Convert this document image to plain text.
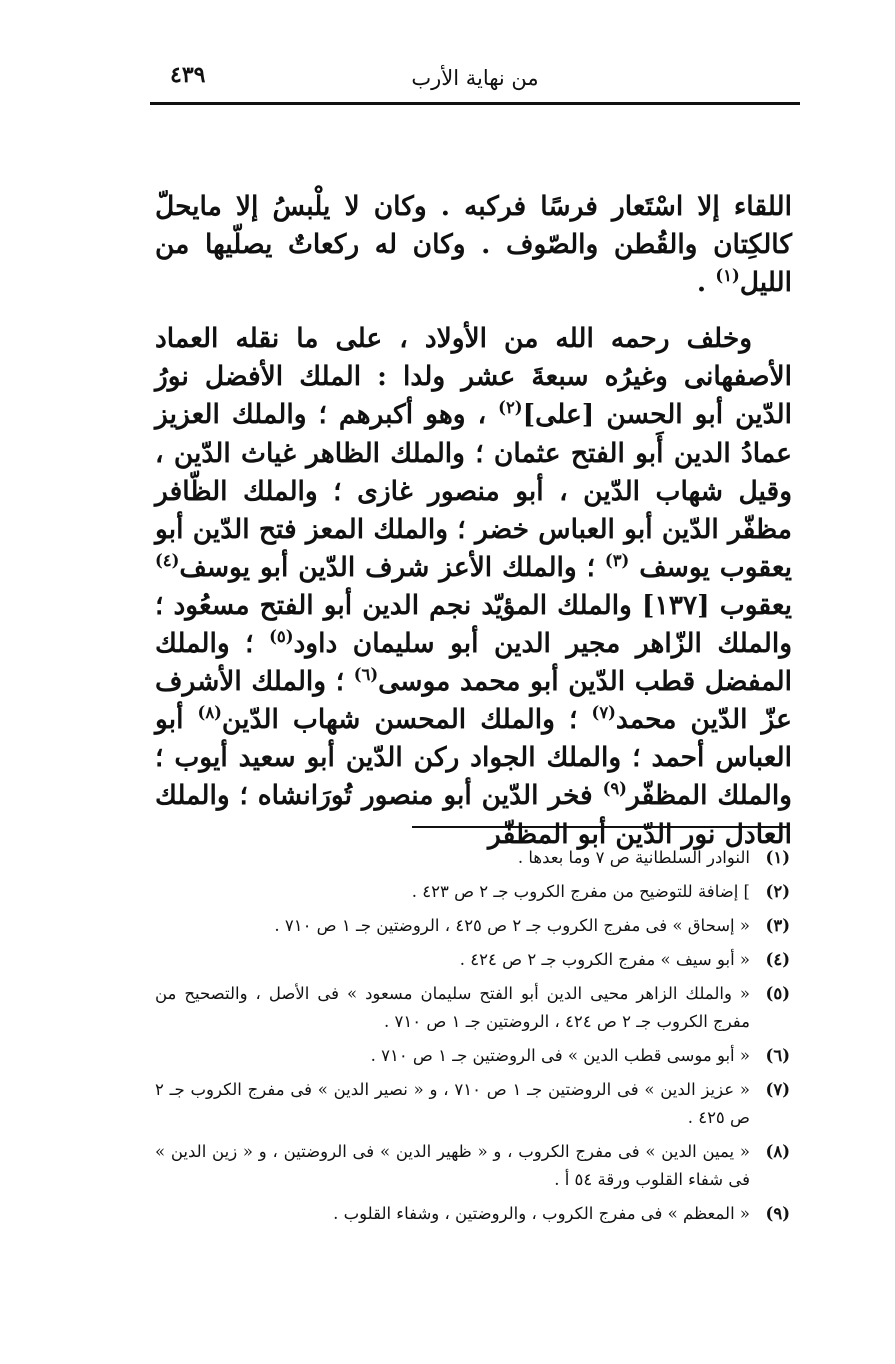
٤٣٩	من نهاية الأرب

اللقاء إلا اسْتَعار فرسًا فركبه . وكان لا يلْبسُ إلا مايحلّ كالكِتان والقُطن والصّوف . وكان له ركعاتٌ يصلّيها من الليل$^{(١)}$ .

وخلف رحمه الله من الأولاد ، على ما نقله العماد الأصفهانى وغيرُه سبعةَ عشر ولدا : الملك الأفضل نورُ الدّين أبو الحسن [على]$^{(٢)}$ ، وهو أكبرهم ؛ والملك العزيز عمادُ الدين أَبو الفتح عثمان ؛ والملك الظاهر غياث الدّين ، وقيل شهاب الدّين ، أبو منصور غازى ؛ والملك الظّافر مظفّر الدّين أبو العباس خضر ؛ والملك المعز فتح الدّين أبو يعقوب يوسف $^{(٣)}$ ؛ والملك الأعز شرف الدّين أبو يوسف$^{(٤)}$ يعقوب [١٣٧] والملك المؤيّد نجم الدين أبو الفتح مسعُود ؛ والملك الزّاهر مجير الدين أبو سليمان داود$^{(٥)}$ ؛ والملك المفضل قطب الدّين أبو محمد موسى$^{(٦)}$ ؛ والملك الأشرف عزّ الدّين محمد$^{(٧)}$ ؛ والملك المحسن شهاب الدّين$^{(٨)}$ أبو العباس أحمد ؛ والملك الجواد ركن الدّين أبو سعيد أيوب ؛ والملك المظفّر$^{(٩)}$ فخر الدّين أبو منصور تُورَانشاه ؛ والملك العادل نور الدّين أبو المظفّر

(١)
النوادر السلطانية ص ٧ وما بعدها .
(٢)
] إضافة للتوضيح من مفرج الكروب جـ ٢ ص ٤٢٣ .
(٣)
« إسحاق » فى مفرج الكروب جـ ٢ ص ٤٢٥ ، الروضتين جـ ١ ص ٧١٠ .
(٤)
« أبو سيف » مفرج الكروب جـ ٢ ص ٤٢٤ .
(٥)
« والملك الزاهر محيى الدين أبو الفتح سليمان مسعود » فى الأصل ، والتصحيح من مفرج الكروب جـ ٢ ص ٤٢٤ ، الروضتين جـ ١ ص ٧١٠ .
(٦)
« أبو موسى قطب الدين » فى الروضتين جـ ١ ص ٧١٠ .
(٧)
« عزيز الدين » فى الروضتين جـ ١ ص ٧١٠ ، و « نصير الدين » فى مفرج الكروب جـ ٢ ص ٤٢٥ .
(٨)
« يمين الدين » فى مفرج الكروب ، و « ظهير الدين » فى الروضتين ، و « زين الدين » فى شفاء القلوب ورقة ٥٤ أ .
(٩)
« المعظم » فى مفرج الكروب ، والروضتين ، وشفاء القلوب .
